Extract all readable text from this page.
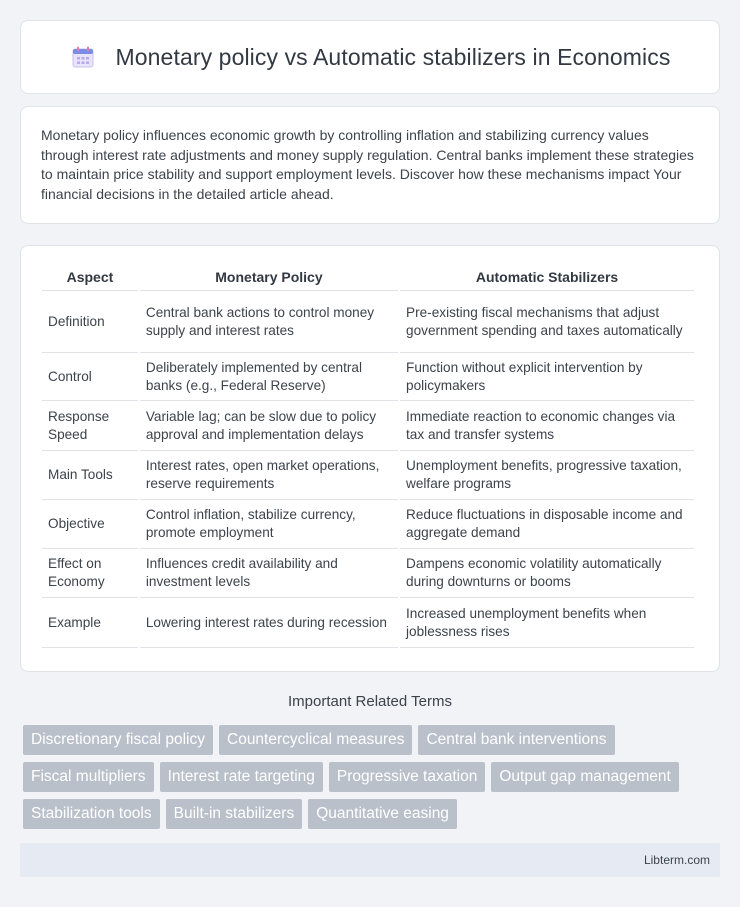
Monetary policy vs Automatic stabilizers in Economics

Monetary policy influences economic growth by controlling inflation and stabilizing currency values through interest rate adjustments and money supply regulation. Central banks implement these strategies to maintain price stability and support employment levels. Discover how these mechanisms impact Your financial decisions in the detailed article ahead.

Aspect	Monetary Policy	Automatic Stabilizers
Definition	Central bank actions to control money supply and interest rates	Pre-existing fiscal mechanisms that adjust government spending and taxes automatically
Control	Deliberately implemented by central banks (e.g., Federal Reserve)	Function without explicit intervention by policymakers
Response Speed	Variable lag; can be slow due to policy approval and implementation delays	Immediate reaction to economic changes via tax and transfer systems
Main Tools	Interest rates, open market operations, reserve requirements	Unemployment benefits, progressive taxation, welfare programs
Objective	Control inflation, stabilize currency, promote employment	Reduce fluctuations in disposable income and aggregate demand
Effect on Economy	Influences credit availability and investment levels	Dampens economic volatility automatically during downturns or booms
Example	Lowering interest rates during recession	Increased unemployment benefits when joblessness rises
Important Related Terms
Discretionary fiscal policy	Countercyclical measures	Central bank interventions
Fiscal multipliers	Interest rate targeting	Progressive taxation	Output gap management
Stabilization tools	Built-in stabilizers	Quantitative easing
Libterm.com
